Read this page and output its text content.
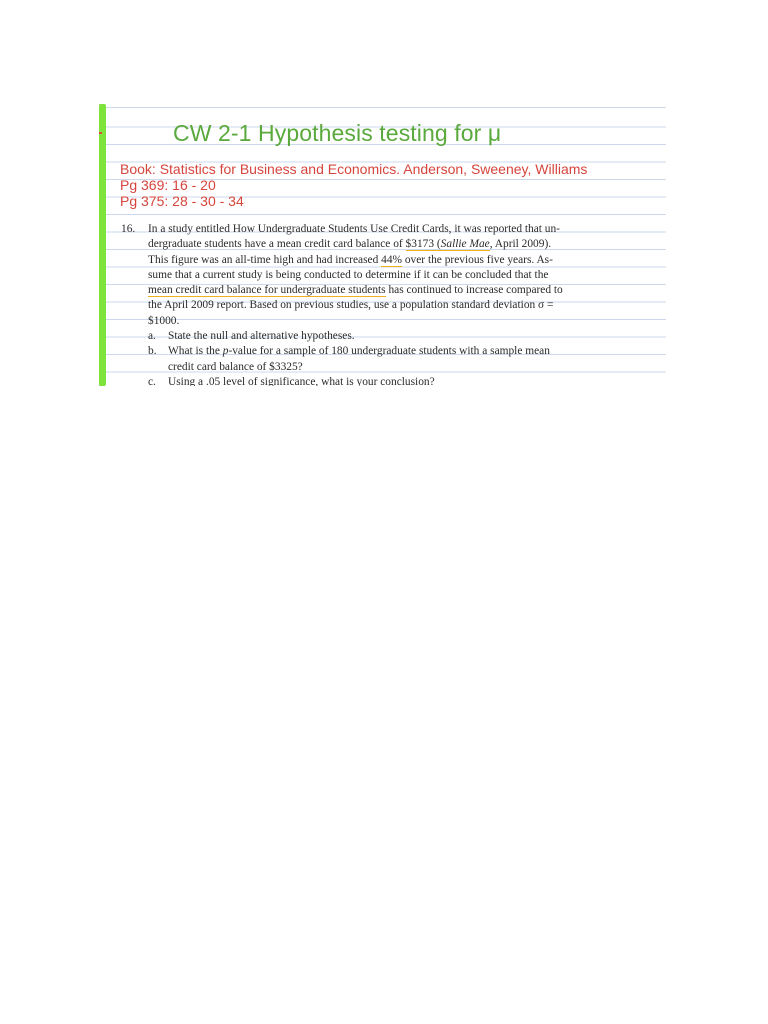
CW 2-1 Hypothesis testing for μ
Book: Statistics for Business and Economics. Anderson, Sweeney, Williams
Pg 369: 16 - 20
Pg 375: 28 - 30 - 34
16.	In a study entitled How Undergraduate Students Use Credit Cards, it was reported that un-
dergraduate students have a mean credit card balance of $3173 (Sallie Mae, April 2009).
This figure was an all-time high and had increased 44% over the previous five years. As-
sume that a current study is being conducted to determine if it can be concluded that the
mean credit card balance for undergraduate students has continued to increase compared to
the April 2009 report. Based on previous studies, use a population standard deviation σ =
$1000.
a.	State the null and alternative hypotheses.
b.	What is the p-value for a sample of 180 undergraduate students with a sample mean
credit card balance of $3325?
c.	Using a .05 level of significance, what is your conclusion?
